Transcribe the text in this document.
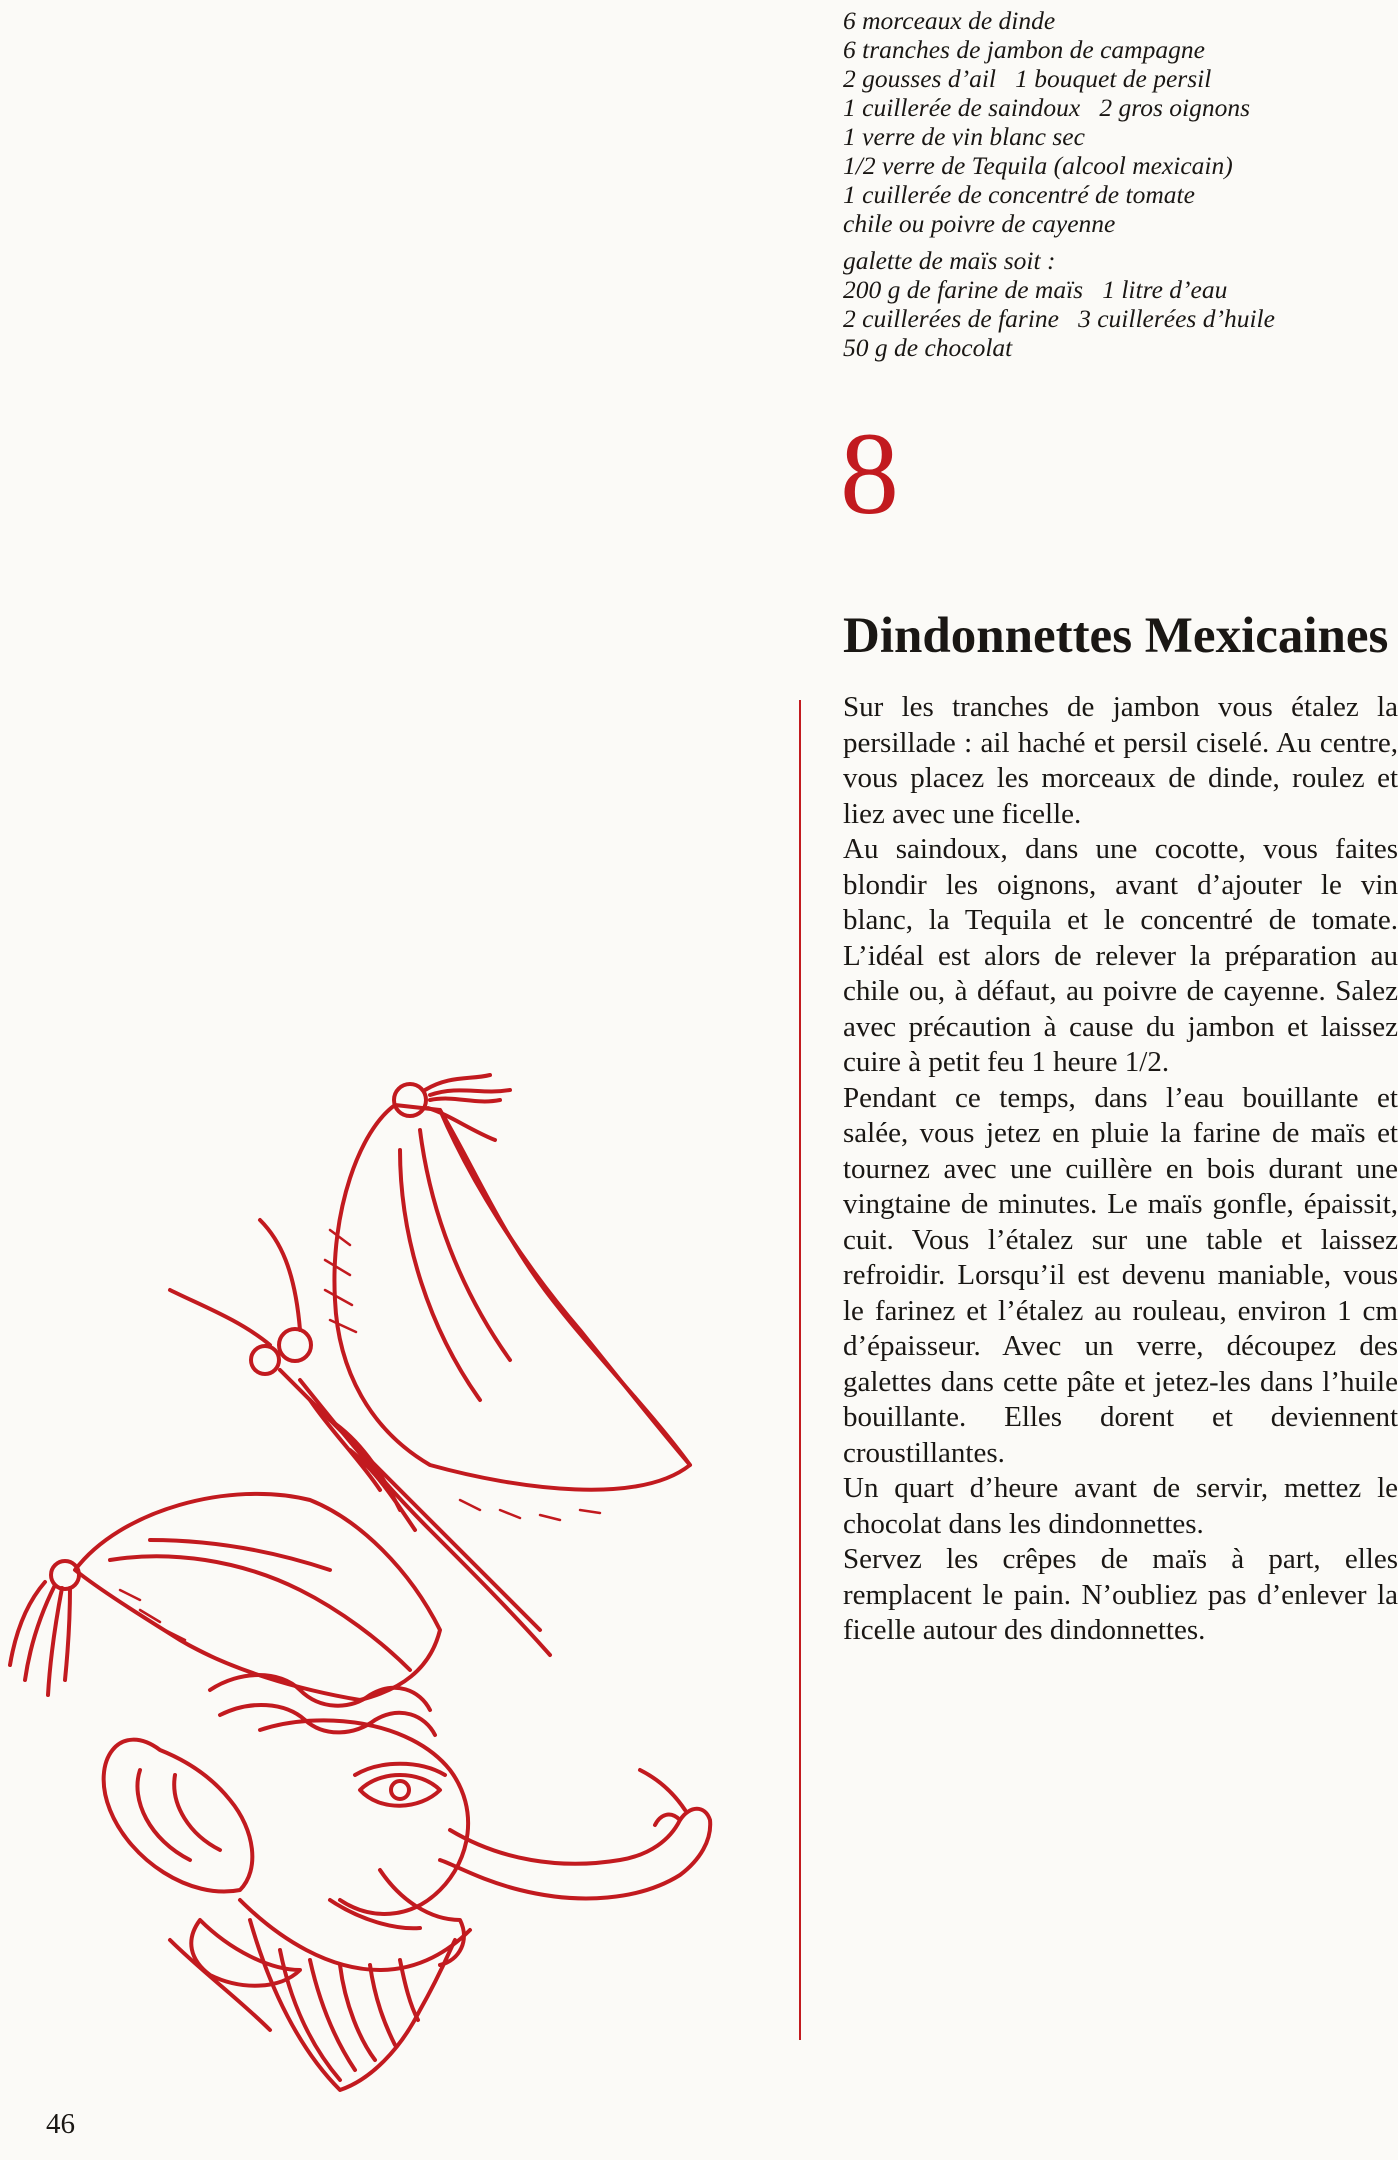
6 morceaux de dinde
6 tranches de jambon de campagne
2 gousses d’ail   1 bouquet de persil
1 cuillerée de saindoux   2 gros oignons
1 verre de vin blanc sec
1/2 verre de Tequila (alcool mexicain)
1 cuillerée de concentré de tomate
chile ou poivre de cayenne
galette de maïs soit :
200 g de farine de maïs   1 litre d’eau
2 cuillerées de farine   3 cuillerées d’huile
50 g de chocolat
8
Dindonnettes Mexicaines

Sur les tranches de jambon vous étalez la persillade : ail haché et persil ciselé. Au centre, vous placez les morceaux de dinde, roulez et liez avec une ficelle.

Au saindoux, dans une cocotte, vous faites blondir les oignons, avant d’ajouter le vin blanc, la Tequila et le concentré de tomate. L’idéal est alors de relever la préparation au chile ou, à défaut, au poivre de cayenne. Salez avec précaution à cause du jambon et laissez cuire à petit feu 1 heure 1/2.

Pendant ce temps, dans l’eau bouillante et salée, vous jetez en pluie la farine de maïs et tournez avec une cuillère en bois durant une vingtaine de minutes. Le maïs gonfle, épaissit, cuit. Vous l’étalez sur une table et laissez refroidir. Lorsqu’il est devenu maniable, vous le farinez et l’étalez au rouleau, environ 1 cm d’épaisseur. Avec un verre, découpez des galettes dans cette pâte et jetez-les dans l’huile bouillante. Elles dorent et deviennent croustillantes.

Un quart d’heure avant de servir, mettez le chocolat dans les dindonnettes.

Servez les crêpes de maïs à part, elles remplacent le pain. N’oubliez pas d’enlever la ficelle autour des dindonnettes.

46
